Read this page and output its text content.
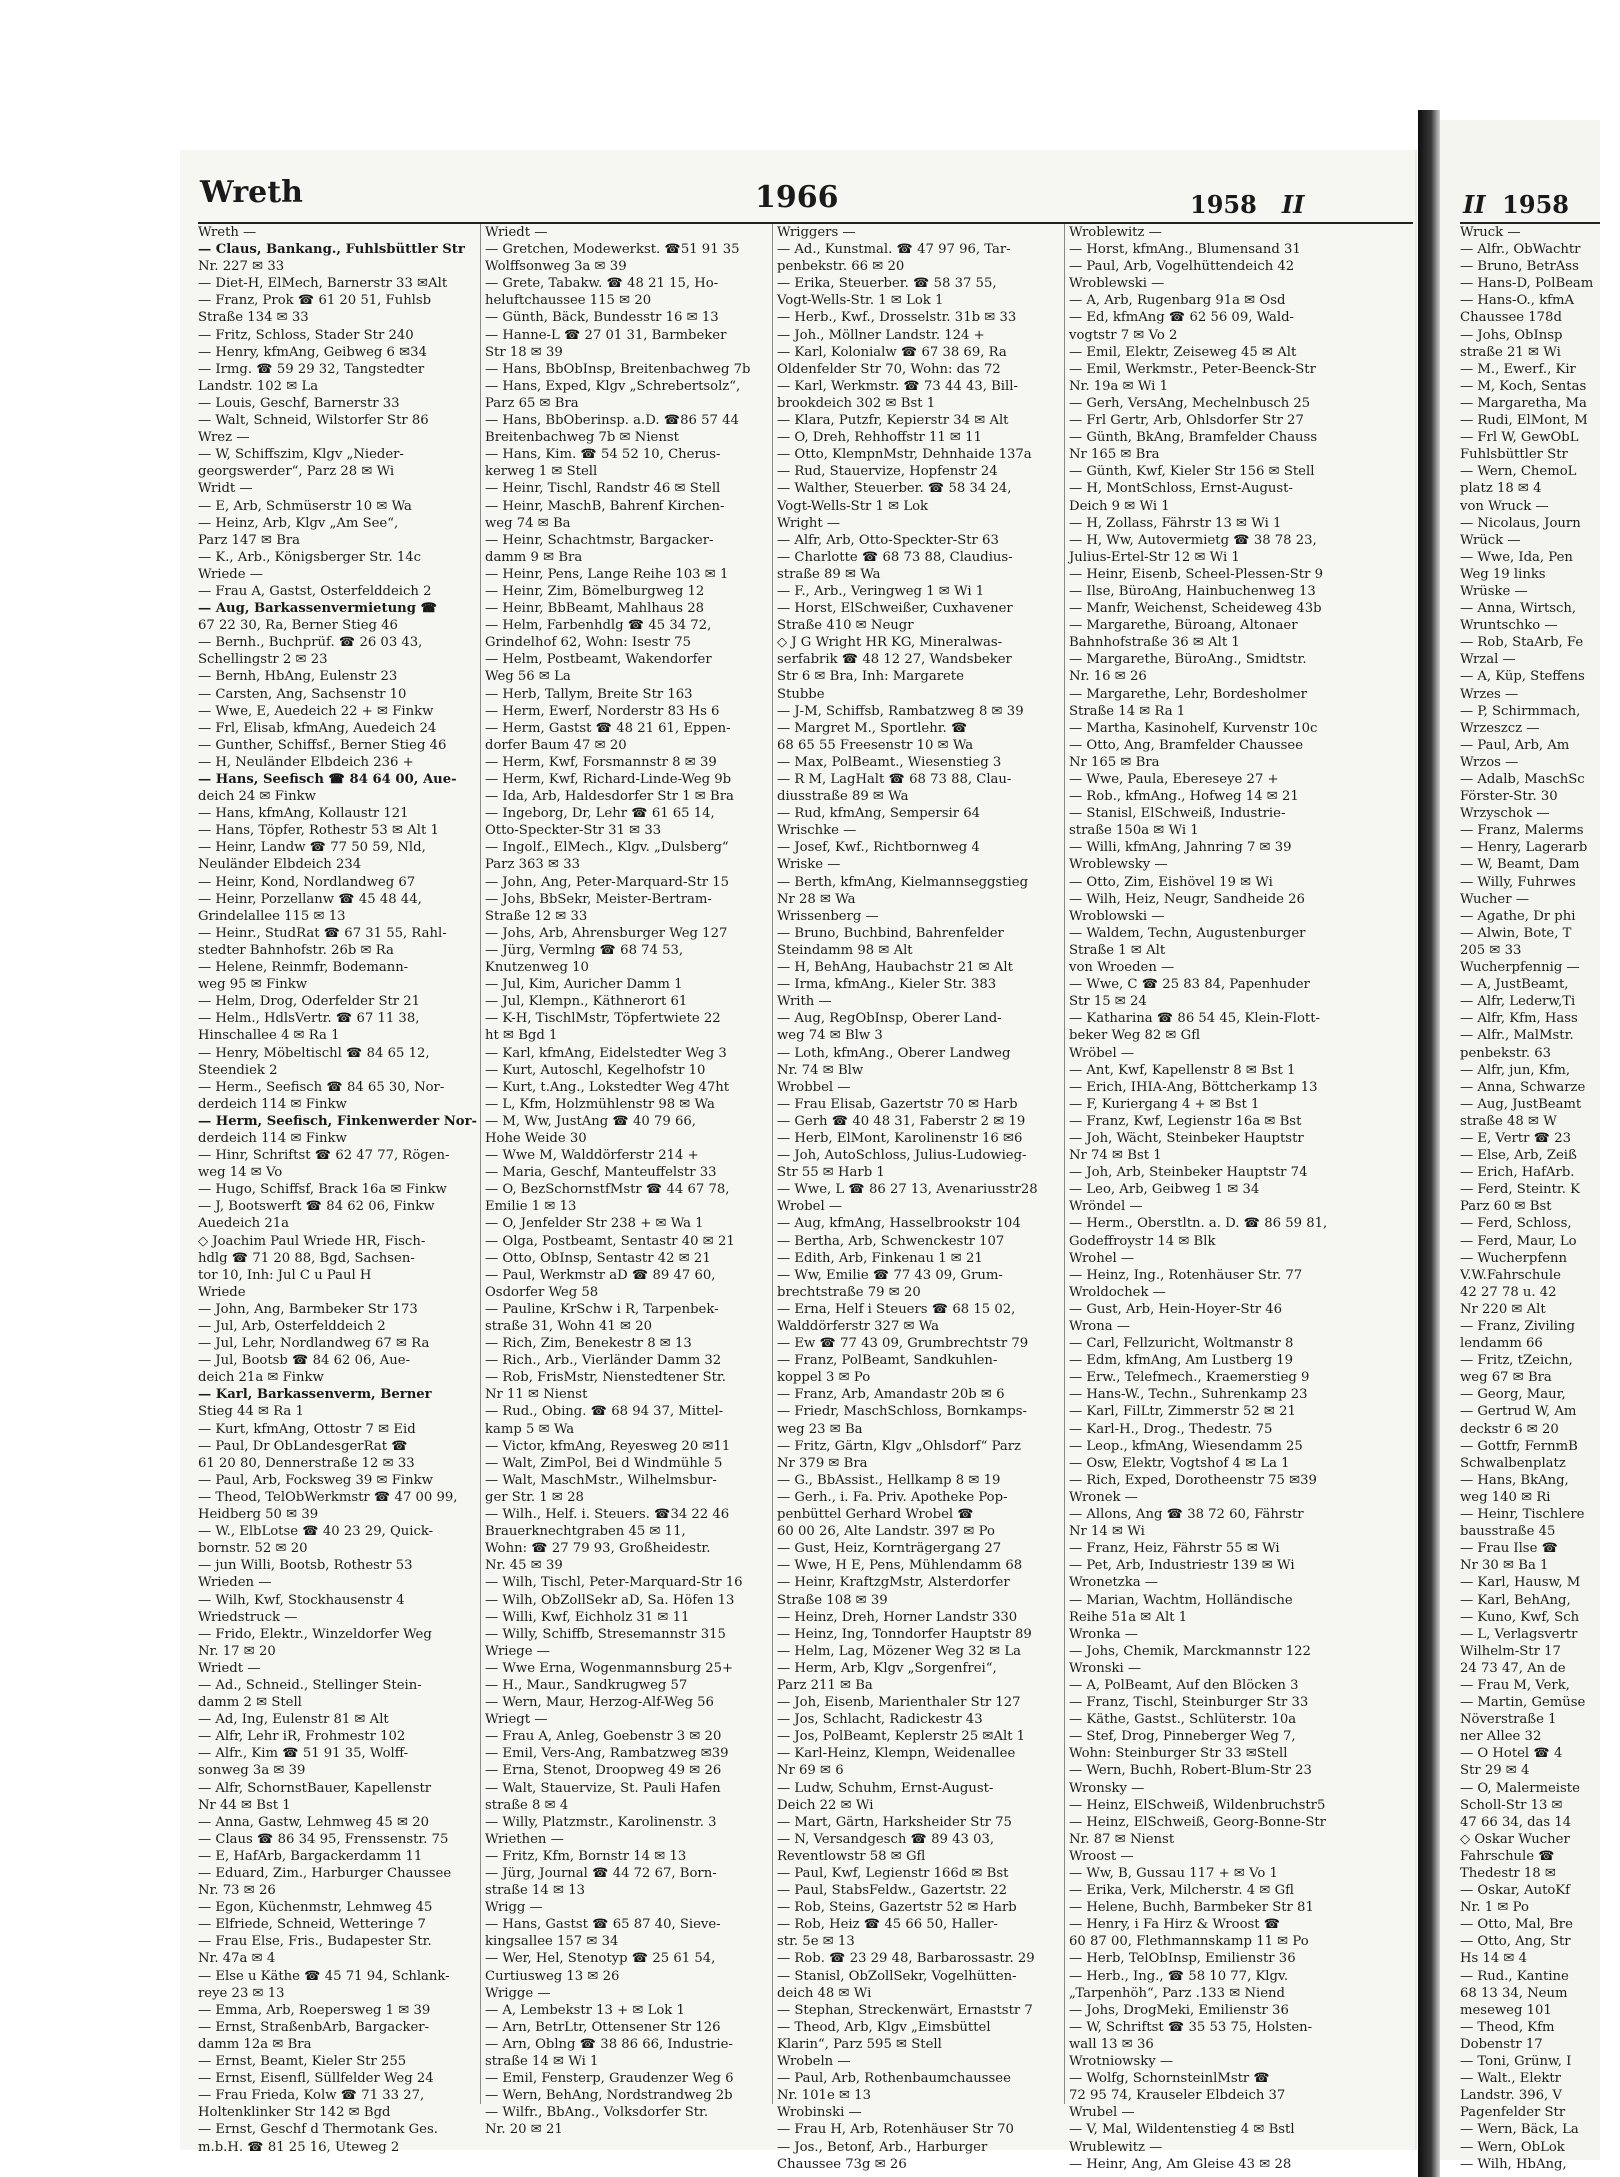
Wreth	1966	1958 II	II 1958
Wreth —
— Claus, Bankang., Fuhlsbüttler Str
Nr. 227 ✉ 33
— Diet-H, ElMech, Barnerstr 33 ✉Alt
— Franz, Prok ☎ 61 20 51, Fuhlsb
Straße 134 ✉ 33
— Fritz, Schloss, Stader Str 240
— Henry, kfmAng, Geibweg 6 ✉34
— Irmg. ☎ 59 29 32, Tangstedter
Landstr. 102 ✉ La
— Louis, Geschf, Barnerstr 33
— Walt, Schneid, Wilstorfer Str 86
Wrez —
— W, Schiffszim, Klgv „Nieder-
georgswerder“, Parz 28 ✉ Wi
Wridt —
— E, Arb, Schmüserstr 10 ✉ Wa
— Heinz, Arb, Klgv „Am See“,
Parz 147 ✉ Bra
— K., Arb., Königsberger Str. 14c
Wriede —
— Frau A, Gastst, Osterfelddeich 2
— Aug, Barkassenvermietung ☎
67 22 30, Ra, Berner Stieg 46
— Bernh., Buchprüf. ☎ 26 03 43,
Schellingstr 2 ✉ 23
— Bernh, HbAng, Eulenstr 23
— Carsten, Ang, Sachsenstr 10
— Wwe, E, Auedeich 22 + ✉ Finkw
— Frl, Elisab, kfmAng, Auedeich 24
— Gunther, Schiffsf., Berner Stieg 46
— H, Neuländer Elbdeich 236 +
— Hans, Seefisch ☎ 84 64 00, Aue-
deich 24 ✉ Finkw
— Hans, kfmAng, Kollaustr 121
— Hans, Töpfer, Rothestr 53 ✉ Alt 1
— Heinr, Landw ☎ 77 50 59, Nld,
Neuländer Elbdeich 234
— Heinr, Kond, Nordlandweg 67
— Heinr, Porzellanw ☎ 45 48 44,
Grindelallee 115 ✉ 13
— Heinr., StudRat ☎ 67 31 55, Rahl-
stedter Bahnhofstr. 26b ✉ Ra
— Helene, Reinmfr, Bodemann-
weg 95 ✉ Finkw
— Helm, Drog, Oderfelder Str 21
— Helm., HdlsVertr. ☎ 67 11 38,
Hinschallee 4 ✉ Ra 1
— Henry, Möbeltischl ☎ 84 65 12,
Steendiek 2
— Herm., Seefisch ☎ 84 65 30, Nor-
derdeich 114 ✉ Finkw
— Herm, Seefisch, Finkenwerder Nor-
derdeich 114 ✉ Finkw
— Hinr, Schriftst ☎ 62 47 77, Rögen-
weg 14 ✉ Vo
— Hugo, Schiffsf, Brack 16a ✉ Finkw
— J, Bootswerft ☎ 84 62 06, Finkw
Auedeich 21a
◇ Joachim Paul Wriede HR, Fisch-
hdlg ☎ 71 20 88, Bgd, Sachsen-
tor 10, Inh: Jul C u Paul H
Wriede
— John, Ang, Barmbeker Str 173
— Jul, Arb, Osterfelddeich 2
— Jul, Lehr, Nordlandweg 67 ✉ Ra
— Jul, Bootsb ☎ 84 62 06, Aue-
deich 21a ✉ Finkw
— Karl, Barkassenverm, Berner
Stieg 44 ✉ Ra 1
— Kurt, kfmAng, Ottostr 7 ✉ Eid
— Paul, Dr ObLandesgerRat ☎
61 20 80, Dennerstraße 12 ✉ 33
— Paul, Arb, Focksweg 39 ✉ Finkw
— Theod, TelObWerkmstr ☎ 47 00 99,
Heidberg 50 ✉ 39
— W., ElbLotse ☎ 40 23 29, Quick-
bornstr. 52 ✉ 20
— jun Willi, Bootsb, Rothestr 53
Wrieden —
— Wilh, Kwf, Stockhausenstr 4
Wriedstruck —
— Frido, Elektr., Winzeldorfer Weg
Nr. 17 ✉ 20
Wriedt —
— Ad., Schneid., Stellinger Stein-
damm 2 ✉ Stell
— Ad, Ing, Eulenstr 81 ✉ Alt
— Alfr, Lehr iR, Frohmestr 102
— Alfr., Kim ☎ 51 91 35, Wolff-
sonweg 3a ✉ 39
— Alfr, SchornstBauer, Kapellenstr
Nr 44 ✉ Bst 1
— Anna, Gastw, Lehmweg 45 ✉ 20
— Claus ☎ 86 34 95, Frenssenstr. 75
— E, HafArb, Bargackerdamm 11
— Eduard, Zim., Harburger Chaussee
Nr. 73 ✉ 26
— Egon, Küchenmstr, Lehmweg 45
— Elfriede, Schneid, Wetteringe 7
— Frau Else, Fris., Budapester Str.
Nr. 47a ✉ 4
— Else u Käthe ☎ 45 71 94, Schlank-
reye 23 ✉ 13
— Emma, Arb, Roepersweg 1 ✉ 39
— Ernst, StraßenbArb, Bargacker-
damm 12a ✉ Bra
— Ernst, Beamt, Kieler Str 255
— Ernst, Eisenfl, Süllfelder Weg 24
— Frau Frieda, Kolw ☎ 71 33 27,
Holtenklinker Str 142 ✉ Bgd
— Ernst, Geschf d Thermotank Ges.
m.b.H. ☎ 81 25 16, Uteweg 2
Wriedt —
— Gretchen, Modewerkst. ☎51 91 35
Wolffsonweg 3a ✉ 39
— Grete, Tabakw. ☎ 48 21 15, Ho-
heluftchaussee 115 ✉ 20
— Günth, Bäck, Bundesstr 16 ✉ 13
— Hanne-L ☎ 27 01 31, Barmbeker
Str 18 ✉ 39
— Hans, BbObInsp, Breitenbachweg 7b
— Hans, Exped, Klgv „Schrebertsolz“,
Parz 65 ✉ Bra
— Hans, BbOberinsp. a.D. ☎86 57 44
Breitenbachweg 7b ✉ Nienst
— Hans, Kim. ☎ 54 52 10, Cherus-
kerweg 1 ✉ Stell
— Heinr, Tischl, Randstr 46 ✉ Stell
— Heinr, MaschB, Bahrenf Kirchen-
weg 74 ✉ Ba
— Heinr, Schachtmstr, Bargacker-
damm 9 ✉ Bra
— Heinr, Pens, Lange Reihe 103 ✉ 1
— Heinr, Zim, Bömelburgweg 12
— Heinr, BbBeamt, Mahlhaus 28
— Helm, Farbenhdlg ☎ 45 34 72,
Grindelhof 62, Wohn: Isestr 75
— Helm, Postbeamt, Wakendorfer
Weg 56 ✉ La
— Herb, Tallym, Breite Str 163
— Herm, Ewerf, Norderstr 83 Hs 6
— Herm, Gastst ☎ 48 21 61, Eppen-
dorfer Baum 47 ✉ 20
— Herm, Kwf, Forsmannstr 8 ✉ 39
— Herm, Kwf, Richard-Linde-Weg 9b
— Ida, Arb, Haldesdorfer Str 1 ✉ Bra
— Ingeborg, Dr, Lehr ☎ 61 65 14,
Otto-Speckter-Str 31 ✉ 33
— Ingolf., ElMech., Klgv. „Dulsberg“
Parz 363 ✉ 33
— John, Ang, Peter-Marquard-Str 15
— Johs, BbSekr, Meister-Bertram-
Straße 12 ✉ 33
— Johs, Arb, Ahrensburger Weg 127
— Jürg, Vermlng ☎ 68 74 53,
Knutzenweg 10
— Jul, Kim, Auricher Damm 1
— Jul, Klempn., Käthnerort 61
— K-H, TischlMstr, Töpfertwiete 22
ht ✉ Bgd 1
— Karl, kfmAng, Eidelstedter Weg 3
— Kurt, Autoschl, Kegelhofstr 10
— Kurt, t.Ang., Lokstedter Weg 47ht
— L, Kfm, Holzmühlenstr 98 ✉ Wa
— M, Ww, JustAng ☎ 40 79 66,
Hohe Weide 30
— Wwe M, Walddörferstr 214 +
— Maria, Geschf, Manteuffelstr 33
— O, BezSchornstfMstr ☎ 44 67 78,
Emilie 1 ✉ 13
— O, Jenfelder Str 238 + ✉ Wa 1
— Olga, Postbeamt, Sentastr 40 ✉ 21
— Otto, ObInsp, Sentastr 42 ✉ 21
— Paul, Werkmstr aD ☎ 89 47 60,
Osdorfer Weg 58
— Pauline, KrSchw i R, Tarpenbek-
straße 31, Wohn 41 ✉ 20
— Rich, Zim, Benekestr 8 ✉ 13
— Rich., Arb., Vierländer Damm 32
— Rob, FrisMstr, Nienstedtener Str.
Nr 11 ✉ Nienst
— Rud., Obing. ☎ 68 94 37, Mittel-
kamp 5 ✉ Wa
— Victor, kfmAng, Reyesweg 20 ✉11
— Walt, ZimPol, Bei d Windmühle 5
— Walt, MaschMstr., Wilhelmsbur-
ger Str. 1 ✉ 28
— Wilh., Helf. i. Steuers. ☎34 22 46
Brauerknechtgraben 45 ✉ 11,
Wohn: ☎ 27 79 93, Großheidestr.
Nr. 45 ✉ 39
— Wilh, Tischl, Peter-Marquard-Str 16
— Wilh, ObZollSekr aD, Sa. Höfen 13
— Willi, Kwf, Eichholz 31 ✉ 11
— Willy, Schiffb, Stresemannstr 315
Wriege —
— Wwe Erna, Wogenmannsburg 25+
— H., Maur., Sandkrugweg 57
— Wern, Maur, Herzog-Alf-Weg 56
Wriegt —
— Frau A, Anleg, Goebenstr 3 ✉ 20
— Emil, Vers-Ang, Rambatzweg ✉39
— Erna, Stenot, Droopweg 49 ✉ 26
— Walt, Stauervize, St. Pauli Hafen
straße 8 ✉ 4
— Willy, Platzmstr., Karolinenstr. 3
Wriethen —
— Fritz, Kfm, Bornstr 14 ✉ 13
— Jürg, Journal ☎ 44 72 67, Born-
straße 14 ✉ 13
Wrigg —
— Hans, Gastst ☎ 65 87 40, Sieve-
kingsallee 157 ✉ 34
— Wer, Hel, Stenotyp ☎ 25 61 54,
Curtiusweg 13 ✉ 26
Wrigge —
— A, Lembekstr 13 + ✉ Lok 1
— Arn, BetrLtr, Ottensener Str 126
— Arn, Oblng ☎ 38 86 66, Industrie-
straße 14 ✉ Wi 1
— Emil, Fensterp, Graudenzer Weg 6
— Wern, BehAng, Nordstrandweg 2b
— Wilfr., BbAng., Volksdorfer Str.
Nr. 20 ✉ 21
Wriggers —
— Ad., Kunstmal. ☎ 47 97 96, Tar-
penbekstr. 66 ✉ 20
— Erika, Steuerber. ☎ 58 37 55,
Vogt-Wells-Str. 1 ✉ Lok 1
— Herb., Kwf., Drosselstr. 31b ✉ 33
— Joh., Möllner Landstr. 124 +
— Karl, Kolonialw ☎ 67 38 69, Ra
Oldenfelder Str 70, Wohn: das 72
— Karl, Werkmstr. ☎ 73 44 43, Bill-
brookdeich 302 ✉ Bst 1
— Klara, Putzfr, Kepierstr 34 ✉ Alt
— O, Dreh, Rehhoffstr 11 ✉ 11
— Otto, KlempnMstr, Dehnhaide 137a
— Rud, Stauervize, Hopfenstr 24
— Walther, Steuerber. ☎ 58 34 24,
Vogt-Wells-Str 1 ✉ Lok
Wright —
— Alfr, Arb, Otto-Speckter-Str 63
— Charlotte ☎ 68 73 88, Claudius-
straße 89 ✉ Wa
— F., Arb., Veringweg 1 ✉ Wi 1
— Horst, ElSchweißer, Cuxhavener
Straße 410 ✉ Neugr
◇ J G Wright HR KG, Mineralwas-
serfabrik ☎ 48 12 27, Wandsbeker
Str 6 ✉ Bra, Inh: Margarete
Stubbe
— J-M, Schiffsb, Rambatzweg 8 ✉ 39
— Margret M., Sportlehr. ☎
68 65 55 Freesenstr 10 ✉ Wa
— Max, PolBeamt., Wiesenstieg 3
— R M, LagHalt ☎ 68 73 88, Clau-
diusstraße 89 ✉ Wa
— Rud, kfmAng, Sempersir 64
Wrischke —
— Josef, Kwf., Richtbornweg 4
Wriske —
— Berth, kfmAng, Kielmannseggstieg
Nr 28 ✉ Wa
Wrissenberg —
— Bruno, Buchbind, Bahrenfelder
Steindamm 98 ✉ Alt
— H, BehAng, Haubachstr 21 ✉ Alt
— Irma, kfmAng., Kieler Str. 383
Writh —
— Aug, RegObInsp, Oberer Land-
weg 74 ✉ Blw 3
— Loth, kfmAng., Oberer Landweg
Nr. 74 ✉ Blw
Wrobbel —
— Frau Elisab, Gazertstr 70 ✉ Harb
— Gerh ☎ 40 48 31, Faberstr 2 ✉ 19
— Herb, ElMont, Karolinenstr 16 ✉6
— Joh, AutoSchloss, Julius-Ludowieg-
Str 55 ✉ Harb 1
— Wwe, L ☎ 86 27 13, Avenariusstr28
Wrobel —
— Aug, kfmAng, Hasselbrookstr 104
— Bertha, Arb, Schwenckestr 107
— Edith, Arb, Finkenau 1 ✉ 21
— Ww, Emilie ☎ 77 43 09, Grum-
brechtstraße 79 ✉ 20
— Erna, Helf i Steuers ☎ 68 15 02,
Walddörferstr 327 ✉ Wa
— Ew ☎ 77 43 09, Grumbrechtstr 79
— Franz, PolBeamt, Sandkuhlen-
koppel 3 ✉ Po
— Franz, Arb, Amandastr 20b ✉ 6
— Friedr, MaschSchloss, Bornkamps-
weg 23 ✉ Ba
— Fritz, Gärtn, Klgv „Ohlsdorf“ Parz
Nr 379 ✉ Bra
— G., BbAssist., Hellkamp 8 ✉ 19
— Gerh., i. Fa. Priv. Apotheke Pop-
penbüttel Gerhard Wrobel ☎
60 00 26, Alte Landstr. 397 ✉ Po
— Gust, Heiz, Kornträgergang 27
— Wwe, H E, Pens, Mühlendamm 68
— Heinr, KraftzgMstr, Alsterdorfer
Straße 108 ✉ 39
— Heinz, Dreh, Horner Landstr 330
— Heinz, Ing, Tonndorfer Hauptstr 89
— Helm, Lag, Mözener Weg 32 ✉ La
— Herm, Arb, Klgv „Sorgenfrei“,
Parz 211 ✉ Ba
— Joh, Eisenb, Marienthaler Str 127
— Jos, Schlacht, Radickestr 43
— Jos, PolBeamt, Keplerstr 25 ✉Alt 1
— Karl-Heinz, Klempn, Weidenallee
Nr 69 ✉ 6
— Ludw, Schuhm, Ernst-August-
Deich 22 ✉ Wi
— Mart, Gärtn, Harksheider Str 75
— N, Versandgesch ☎ 89 43 03,
Reventlowstr 58 ✉ Gfl
— Paul, Kwf, Legienstr 166d ✉ Bst
— Paul, StabsFeldw., Gazertstr. 22
— Rob, Steins, Gazertstr 52 ✉ Harb
— Rob, Heiz ☎ 45 66 50, Haller-
str. 5e ✉ 13
— Rob. ☎ 23 29 48, Barbarossastr. 29
— Stanisl, ObZollSekr, Vogelhütten-
deich 48 ✉ Wi
— Stephan, Streckenwärt, Ernaststr 7
— Theod, Arb, Klgv „Eimsbüttel
Klarin“, Parz 595 ✉ Stell
Wrobeln —
— Paul, Arb, Rothenbaumchaussee
Nr. 101e ✉ 13
Wrobinski —
— Frau H, Arb, Rotenhäuser Str 70
— Jos., Betonf, Arb., Harburger
Chaussee 73g ✉ 26
Wroblewitz —
— Horst, kfmAng., Blumensand 31
— Paul, Arb, Vogelhüttendeich 42
Wroblewski —
— A, Arb, Rugenbarg 91a ✉ Osd
— Ed, kfmAng ☎ 62 56 09, Wald-
vogtstr 7 ✉ Vo 2
— Emil, Elektr, Zeiseweg 45 ✉ Alt
— Emil, Werkmstr., Peter-Beenck-Str
Nr. 19a ✉ Wi 1
— Gerh, VersAng, Mechelnbusch 25
— Frl Gertr, Arb, Ohlsdorfer Str 27
— Günth, BkAng, Bramfelder Chauss
Nr 165 ✉ Bra
— Günth, Kwf, Kieler Str 156 ✉ Stell
— H, MontSchloss, Ernst-August-
Deich 9 ✉ Wi 1
— H, Zollass, Fährstr 13 ✉ Wi 1
— H, Ww, Autovermietg ☎ 38 78 23,
Julius-Ertel-Str 12 ✉ Wi 1
— Heinr, Eisenb, Scheel-Plessen-Str 9
— Ilse, BüroAng, Hainbuchenweg 13
— Manfr, Weichenst, Scheideweg 43b
— Margarethe, Büroang, Altonaer
Bahnhofstraße 36 ✉ Alt 1
— Margarethe, BüroAng., Smidtstr.
Nr. 16 ✉ 26
— Margarethe, Lehr, Bordesholmer
Straße 14 ✉ Ra 1
— Martha, Kasinohelf, Kurvenstr 10c
— Otto, Ang, Bramfelder Chaussee
Nr 165 ✉ Bra
— Wwe, Paula, Ebereseye 27 +
— Rob., kfmAng., Hofweg 14 ✉ 21
— Stanisl, ElSchweiß, Industrie-
straße 150a ✉ Wi 1
— Willi, kfmAng, Jahnring 7 ✉ 39
Wroblewsky —
— Otto, Zim, Eishövel 19 ✉ Wi
— Wilh, Heiz, Neugr, Sandheide 26
Wroblowski —
— Waldem, Techn, Augustenburger
Straße 1 ✉ Alt
von Wroeden —
— Wwe, C ☎ 25 83 84, Papenhuder
Str 15 ✉ 24
— Katharina ☎ 86 54 45, Klein-Flott-
beker Weg 82 ✉ Gfl
Wröbel —
— Ant, Kwf, Kapellenstr 8 ✉ Bst 1
— Erich, IHIA-Ang, Böttcherkamp 13
— F, Kuriergang 4 + ✉ Bst 1
— Franz, Kwf, Legienstr 16a ✉ Bst
— Joh, Wächt, Steinbeker Hauptstr
Nr 74 ✉ Bst 1
— Joh, Arb, Steinbeker Hauptstr 74
— Leo, Arb, Geibweg 1 ✉ 34
Wröndel —
— Herm., Oberstltn. a. D. ☎ 86 59 81,
Godeffroystr 14 ✉ Blk
Wrohel —
— Heinz, Ing., Rotenhäuser Str. 77
Wroldochek —
— Gust, Arb, Hein-Hoyer-Str 46
Wrona —
— Carl, Fellzuricht, Woltmanstr 8
— Edm, kfmAng, Am Lustberg 19
— Erw., Telefmech., Kraemerstieg 9
— Hans-W., Techn., Suhrenkamp 23
— Karl, FilLtr, Zimmerstr 52 ✉ 21
— Karl-H., Drog., Thedestr. 75
— Leop., kfmAng, Wiesendamm 25
— Osw, Elektr, Vogtshof 4 ✉ La 1
— Rich, Exped, Dorotheenstr 75 ✉39
Wronek —
— Allons, Ang ☎ 38 72 60, Fährstr
Nr 14 ✉ Wi
— Franz, Heiz, Fährstr 55 ✉ Wi
— Pet, Arb, Industriestr 139 ✉ Wi
Wronetzka —
— Marian, Wachtm, Holländische
Reihe 51a ✉ Alt 1
Wronka —
— Johs, Chemik, Marckmannstr 122
Wronski —
— A, PolBeamt, Auf den Blöcken 3
— Franz, Tischl, Steinburger Str 33
— Käthe, Gastst., Schlüterstr. 10a
— Stef, Drog, Pinneberger Weg 7,
Wohn: Steinburger Str 33 ✉Stell
— Wern, Buchh, Robert-Blum-Str 23
Wronsky —
— Heinz, ElSchweiß, Wildenbruchstr5
— Heinz, ElSchweiß, Georg-Bonne-Str
Nr. 87 ✉ Nienst
Wroost —
— Ww, B, Gussau 117 + ✉ Vo 1
— Erika, Verk, Milcherstr. 4 ✉ Gfl
— Helene, Buchh, Barmbeker Str 81
— Henry, i Fa Hirz & Wroost ☎
60 87 00, Flethmannskamp 11 ✉ Po
— Herb, TelObInsp, Emilienstr 36
— Herb., Ing., ☎ 58 10 77, Klgv.
„Tarpenhöh“, Parz .133 ✉ Niend
— Johs, DrogMeki, Emilienstr 36
— W, Schriftst ☎ 35 53 75, Holsten-
wall 13 ✉ 36
Wrotniowsky —
— Wolfg, SchornsteinlMstr ☎
72 95 74, Krauseler Elbdeich 37
Wrubel —
— V, Mal, Wildentenstieg 4 ✉ Bstl
Wrublewitz —
— Heinr, Ang, Am Gleise 43 ✉ 28
Wruck —
— Alfr., ObWachtr
— Bruno, BetrAss
— Hans-D, PolBeam
— Hans-O., kfmA
Chaussee 178d
— Johs, ObInsp
straße 21 ✉ Wi
— M., Ewerf., Kir
— M, Koch, Sentas
— Margaretha, Ma
— Rudi, ElMont, M
— Frl W, GewObL
Fuhlsbüttler Str
— Wern, ChemoL
platz 18 ✉ 4
von Wruck —
— Nicolaus, Journ
Wrück —
— Wwe, Ida, Pen
Weg 19 links
Wrüske —
— Anna, Wirtsch,
Wruntschko —
— Rob, StaArb, Fe
Wrzal —
— A, Küp, Steffens
Wrzes —
— P, Schirmmach,
Wrzeszcz —
— Paul, Arb, Am
Wrzos —
— Adalb, MaschSc
Förster-Str. 30
Wrzyschok —
— Franz, Malerms
— Henry, Lagerarb
— W, Beamt, Dam
— Willy, Fuhrwes
Wucher —
— Agathe, Dr phi
— Alwin, Bote, T
205 ✉ 33
Wucherpfennig —
— A, JustBeamt,
— Alfr, Lederw,Ti
— Alfr, Kfm, Hass
— Alfr., MalMstr.
penbekstr. 63
— Alfr, jun, Kfm,
— Anna, Schwarze
— Aug, JustBeamt
straße 48 ✉ W
— E, Vertr ☎ 23
— Else, Arb, Zeiß
— Erich, HafArb.
— Ferd, Steintr. K
Parz 60 ✉ Bst
— Ferd, Schloss,
— Ferd, Maur, Lo
— Wucherpfenn
V.W.Fahrschule
42 27 78 u. 42
Nr 220 ✉ Alt
— Franz, Ziviling
lendamm 66
— Fritz, tZeichn,
weg 67 ✉ Bra
— Georg, Maur,
— Gertrud W, Am
deckstr 6 ✉ 20
— Gottfr, FernmB
Schwalbenplatz
— Hans, BkAng,
weg 140 ✉ Ri
— Heinr, Tischlere
bausstraße 45
— Frau Ilse ☎
Nr 30 ✉ Ba 1
— Karl, Hausw, M
— Karl, BehAng,
— Kuno, Kwf, Sch
— L, Verlagsvertr
Wilhelm-Str 17
24 73 47, An de
— Frau M, Verk,
— Martin, Gemüse
Növerstraße 1
ner Allee 32
— O Hotel ☎ 4
Str 29 ✉ 4
— O, Malermeiste
Scholl-Str 13 ✉
47 66 34, das 14
◇ Oskar Wucher
Fahrschule ☎
Thedestr 18 ✉
— Oskar, AutoKf
Nr. 1 ✉ Po
— Otto, Mal, Bre
— Otto, Ang, Str
Hs 14 ✉ 4
— Rud., Kantine
68 13 34, Neum
meseweg 101
— Theod, Kfm
Dobenstr 17
— Toni, Grünw, I
— Walt., Elektr
Landstr. 396, V
Pagenfelder Str
— Wern, Bäck, La
— Wern, ObLok
— Wilh, HbAng,
